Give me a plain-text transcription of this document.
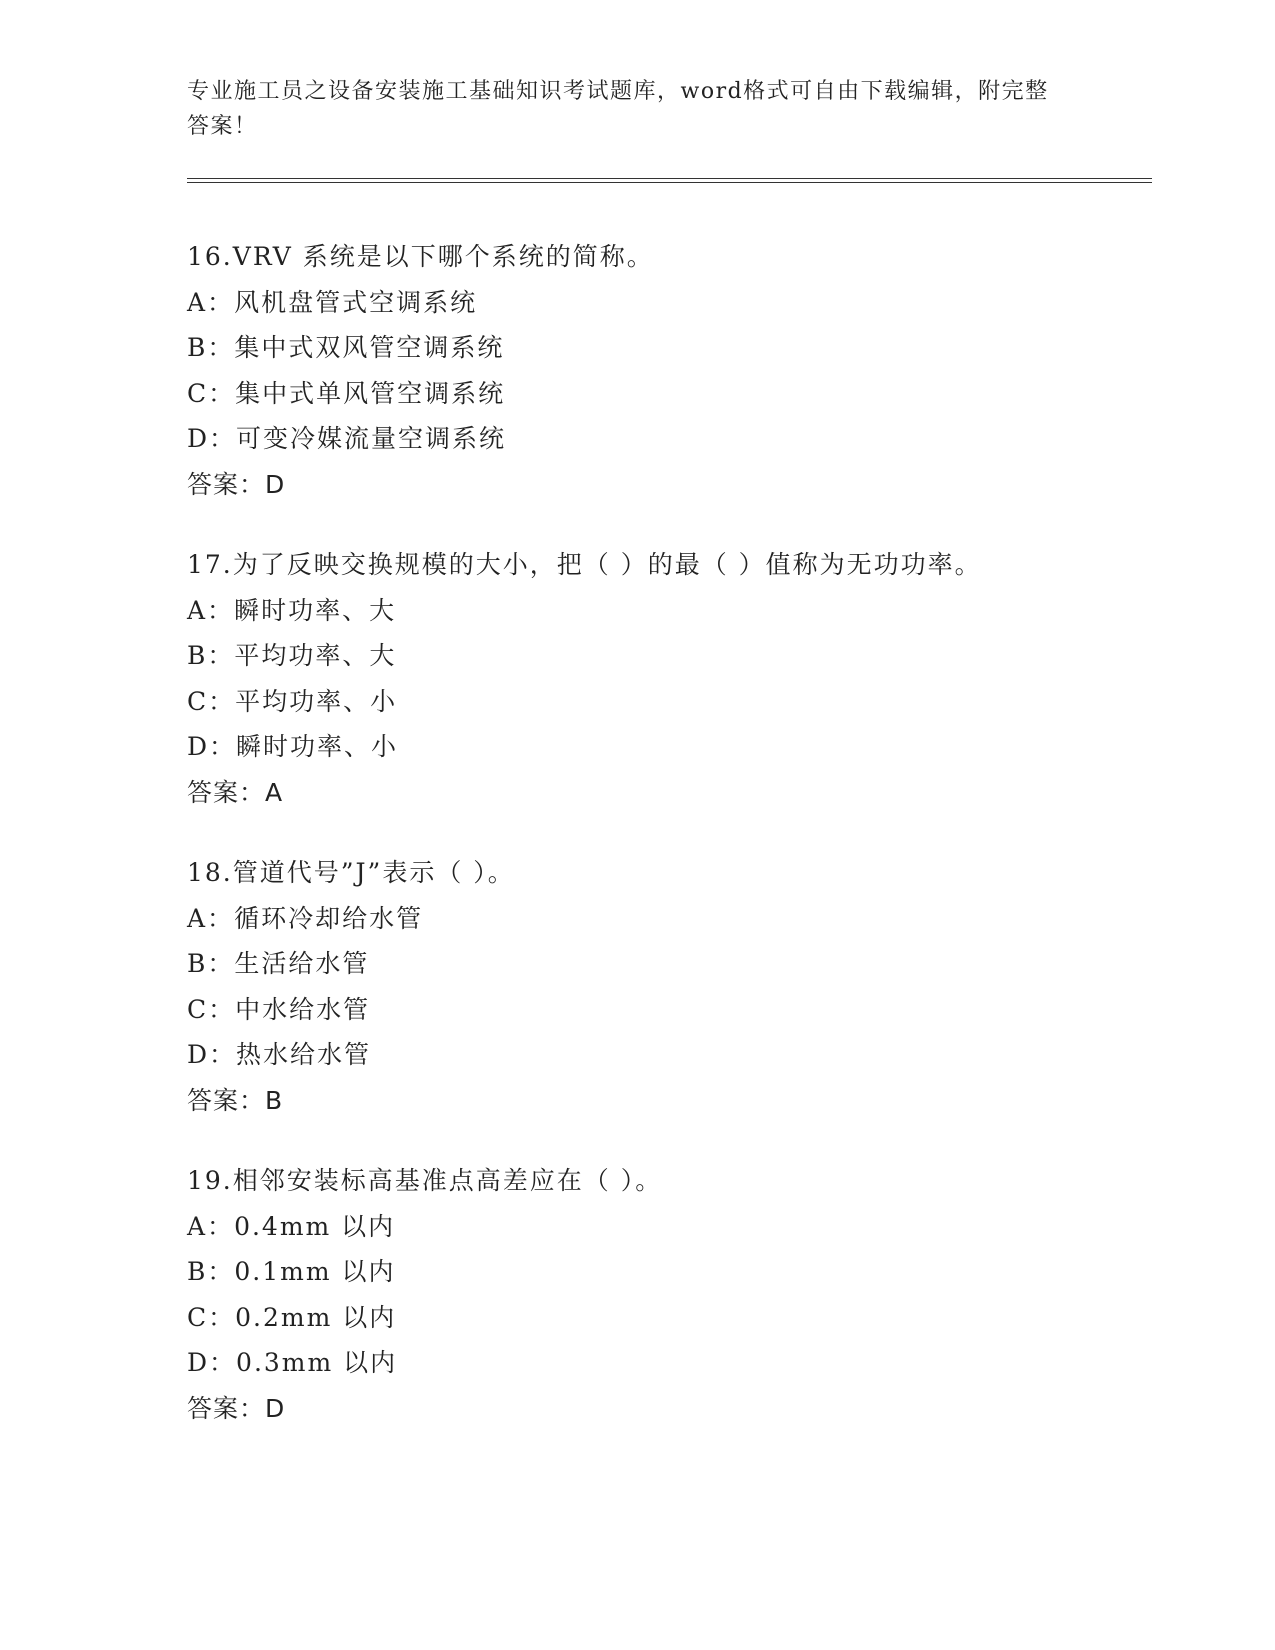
专业施工员之设备安装施工基础知识考试题库，word格式可自由下载编辑，附完整答案！
16.VRV 系统是以下哪个系统的简称。
A：风机盘管式空调系统
B：集中式双风管空调系统
C：集中式单风管空调系统
D：可变冷媒流量空调系统
答案：D
17.为了反映交换规模的大小，把（ ）的最（ ）值称为无功功率。
A：瞬时功率、大
B：平均功率、大
C：平均功率、小
D：瞬时功率、小
答案：A
18.管道代号”J”表示（ ）。
A：循环冷却给水管
B：生活给水管
C：中水给水管
D：热水给水管
答案：B
19.相邻安装标高基准点高差应在（ ）。
A：0.4mm 以内
B：0.1mm 以内
C：0.2mm 以内
D：0.3mm 以内
答案：D
